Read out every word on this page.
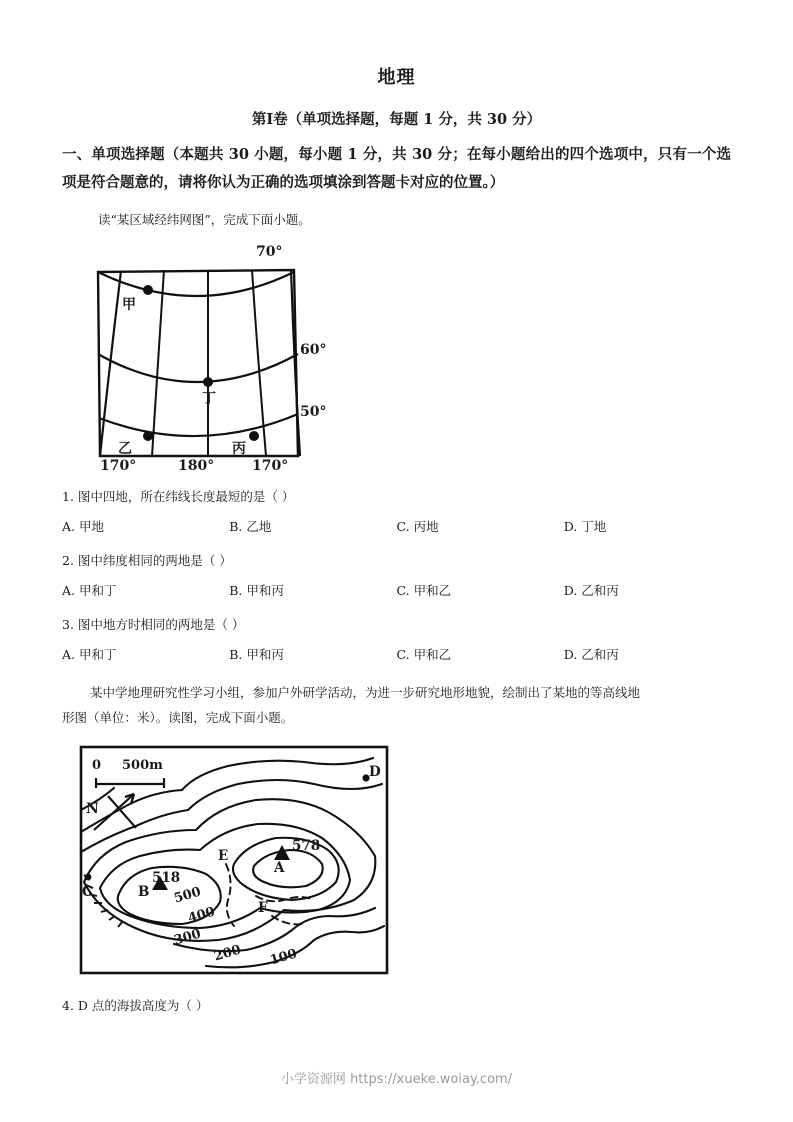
地理
第Ⅰ卷（单项选择题，每题 1 分，共 30 分）
一、单项选择题（本题共 30 小题，每小题 1 分，共 30 分；在每小题给出的四个选项中，只有一个选项是符合题意的，请将你认为正确的选项填涂到答题卡对应的位置。）
读“某区域经纬网图”，完成下面小题。
甲
丁
乙	丙
70°
60°
50°
170°	180°	170°
1. 图中四地，所在纬线长度最短的是（ ）
A. 甲地	B. 乙地	C. 丙地	D. 丁地
2. 图中纬度相同的两地是（ ）
A. 甲和丁	B. 甲和丙	C. 甲和乙	D. 乙和丙
3. 图中地方时相同的两地是（ ）
A. 甲和丁	B. 甲和丙	C. 甲和乙	D. 乙和丙
某中学地理研究性学习小组，参加户外研学活动，为进一步研究地形地貌，绘制出了某地的等高线地
形图（单位：米）。读图，完成下面小题。
0 500m
N
578
A
518
B
C
D
E
F
500
400
300
200 100
4. D 点的海拔高度为（ ）
小学资源网 https://xueke.woiay.com/
